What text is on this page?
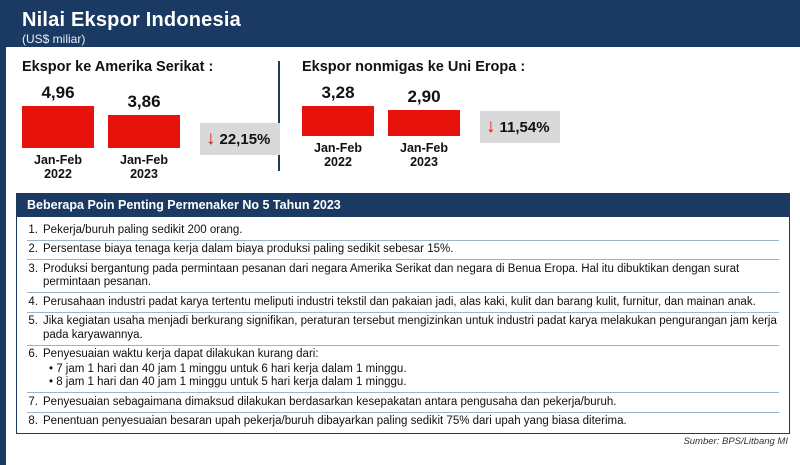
Nilai Ekspor Indonesia
(US$ miliar)
Ekspor ke Amerika Serikat :
4,96
Jan-Feb
2022
3,86
Jan-Feb
2023
↓ 22,15%
Ekspor nonmigas ke Uni Eropa :
3,28
Jan-Feb
2022
2,90
Jan-Feb
2023
↓ 11,54%
Beberapa Poin Penting Permenaker No 5 Tahun 2023
1. Pekerja/buruh paling sedikit 200 orang.
2. Persentase biaya tenaga kerja dalam biaya produksi paling sedikit sebesar 15%.
3. Produksi bergantung pada permintaan pesanan dari negara Amerika Serikat dan negara di Benua Eropa. Hal itu dibuktikan dengan surat permintaan pesanan.
4. Perusahaan industri padat karya tertentu meliputi industri tekstil dan pakaian jadi, alas kaki, kulit dan barang kulit, furnitur, dan mainan anak.
5. Jika kegiatan usaha menjadi berkurang signifikan, peraturan tersebut mengizinkan untuk industri padat karya melakukan pengurangan jam kerja pada karyawannya.
6. Penyesuaian waktu kerja dapat dilakukan kurang dari:
• 7 jam 1 hari dan 40 jam 1 minggu untuk 6 hari kerja dalam 1 minggu.
• 8 jam 1 hari dan 40 jam 1 minggu untuk 5 hari kerja dalam 1 minggu.
7. Penyesuaian sebagaimana dimaksud dilakukan berdasarkan kesepakatan antara pengusaha dan pekerja/buruh.
8. Penentuan penyesuaian besaran upah pekerja/buruh dibayarkan paling sedikit 75% dari upah yang biasa diterima.
Sumber: BPS/Litbang MI
